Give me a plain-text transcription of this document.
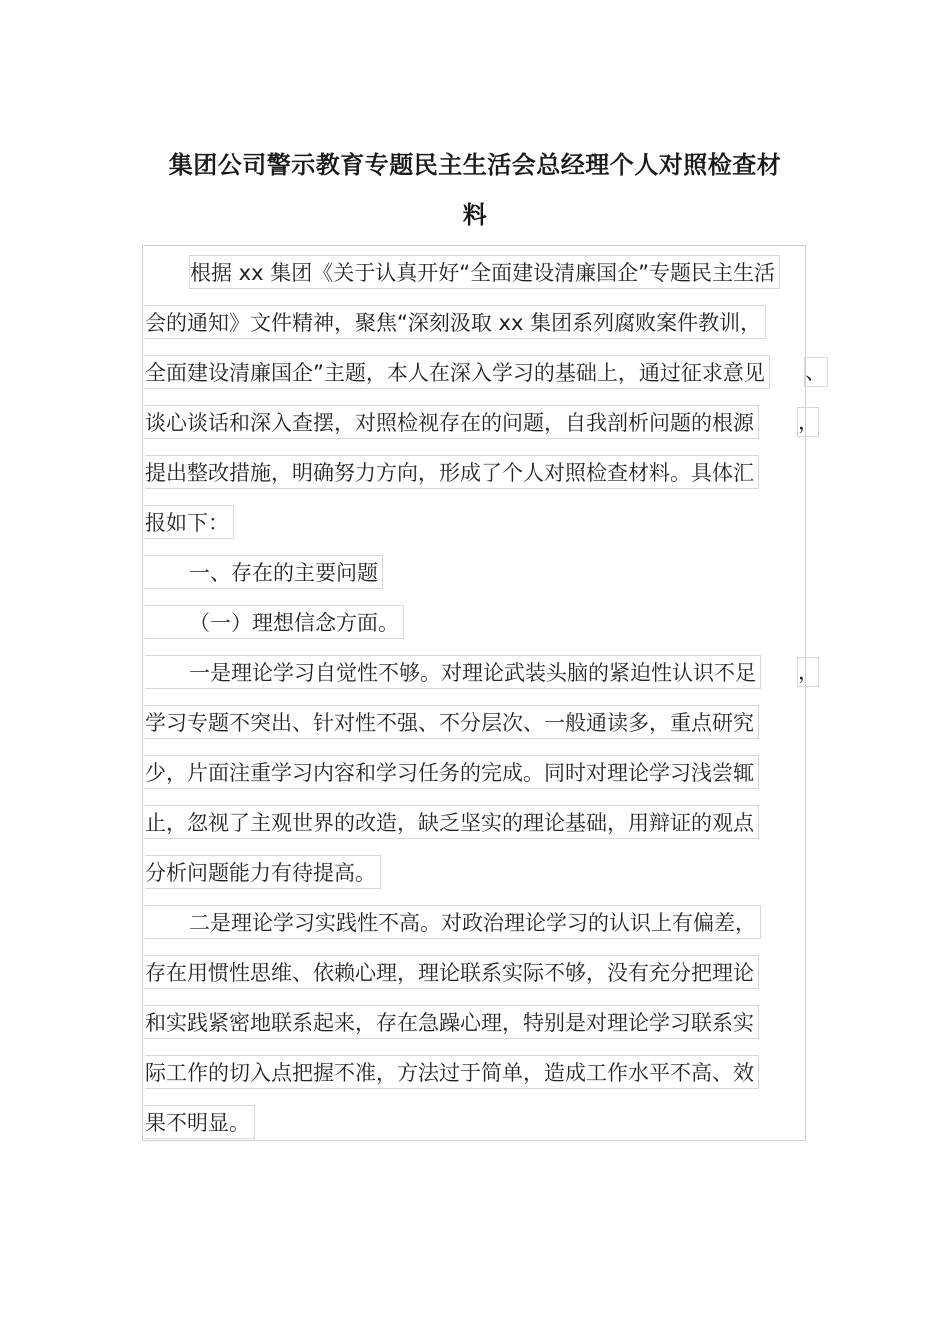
集团公司警示教育专题民主生活会总经理个人对照检查材
料
根据 xx 集团《关于认真开好“全面建设清廉国企”专题民主生活
会的通知》文件精神，聚焦“深刻汲取 xx 集团系列腐败案件教训，
全面建设清廉国企”主题，本人在深入学习的基础上，通过征求意见 、
谈心谈话和深入查摆，对照检视存在的问题，自我剖析问题的根源 ，
提出整改措施，明确努力方向，形成了个人对照检查材料。具体汇
报如下：
一、存在的主要问题
（一）理想信念方面。
一是理论学习自觉性不够。对理论武装头脑的紧迫性认识不足 ，
学习专题不突出、针对性不强、不分层次、一般通读多，重点研究
少，片面注重学习内容和学习任务的完成。同时对理论学习浅尝辄
止，忽视了主观世界的改造，缺乏坚实的理论基础，用辩证的观点
分析问题能力有待提高。
二是理论学习实践性不高。对政治理论学习的认识上有偏差，
存在用惯性思维、依赖心理，理论联系实际不够，没有充分把理论
和实践紧密地联系起来，存在急躁心理，特别是对理论学习联系实
际工作的切入点把握不准，方法过于简单，造成工作水平不高、效
果不明显。
